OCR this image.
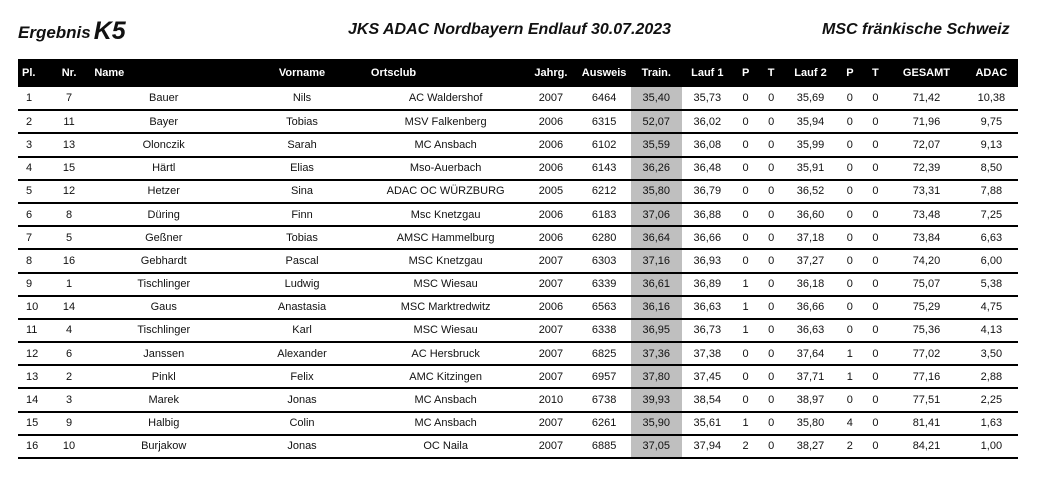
Ergebnis K5	JKS ADAC Nordbayern Endlauf 30.07.2023	MSC fränkische Schweiz
Pl.	Nr.	Name	Vorname	Ortsclub	Jahrg.	Ausweis	Train.	Lauf 1	P	T	Lauf 2	P	T	GESAMT	ADAC
1	7	Bauer	Nils	AC Waldershof	2007	6464	35,40	35,73	0	0	35,69	0	0	71,42	10,38
2	11	Bayer	Tobias	MSV Falkenberg	2006	6315	52,07	36,02	0	0	35,94	0	0	71,96	9,75
3	13	Olonczik	Sarah	MC Ansbach	2006	6102	35,59	36,08	0	0	35,99	0	0	72,07	9,13
4	15	Härtl	Elias	Mso-Auerbach	2006	6143	36,26	36,48	0	0	35,91	0	0	72,39	8,50
5	12	Hetzer	Sina	ADAC OC WÜRZBURG	2005	6212	35,80	36,79	0	0	36,52	0	0	73,31	7,88
6	8	Düring	Finn	Msc Knetzgau	2006	6183	37,06	36,88	0	0	36,60	0	0	73,48	7,25
7	5	Geßner	Tobias	AMSC Hammelburg	2006	6280	36,64	36,66	0	0	37,18	0	0	73,84	6,63
8	16	Gebhardt	Pascal	MSC Knetzgau	2007	6303	37,16	36,93	0	0	37,27	0	0	74,20	6,00
9	1	Tischlinger	Ludwig	MSC Wiesau	2007	6339	36,61	36,89	1	0	36,18	0	0	75,07	5,38
10	14	Gaus	Anastasia	MSC Marktredwitz	2006	6563	36,16	36,63	1	0	36,66	0	0	75,29	4,75
11	4	Tischlinger	Karl	MSC Wiesau	2007	6338	36,95	36,73	1	0	36,63	0	0	75,36	4,13
12	6	Janssen	Alexander	AC Hersbruck	2007	6825	37,36	37,38	0	0	37,64	1	0	77,02	3,50
13	2	Pinkl	Felix	AMC Kitzingen	2007	6957	37,80	37,45	0	0	37,71	1	0	77,16	2,88
14	3	Marek	Jonas	MC Ansbach	2010	6738	39,93	38,54	0	0	38,97	0	0	77,51	2,25
15	9	Halbig	Colin	MC Ansbach	2007	6261	35,90	35,61	1	0	35,80	4	0	81,41	1,63
16	10	Burjakow	Jonas	OC Naila	2007	6885	37,05	37,94	2	0	38,27	2	0	84,21	1,00
